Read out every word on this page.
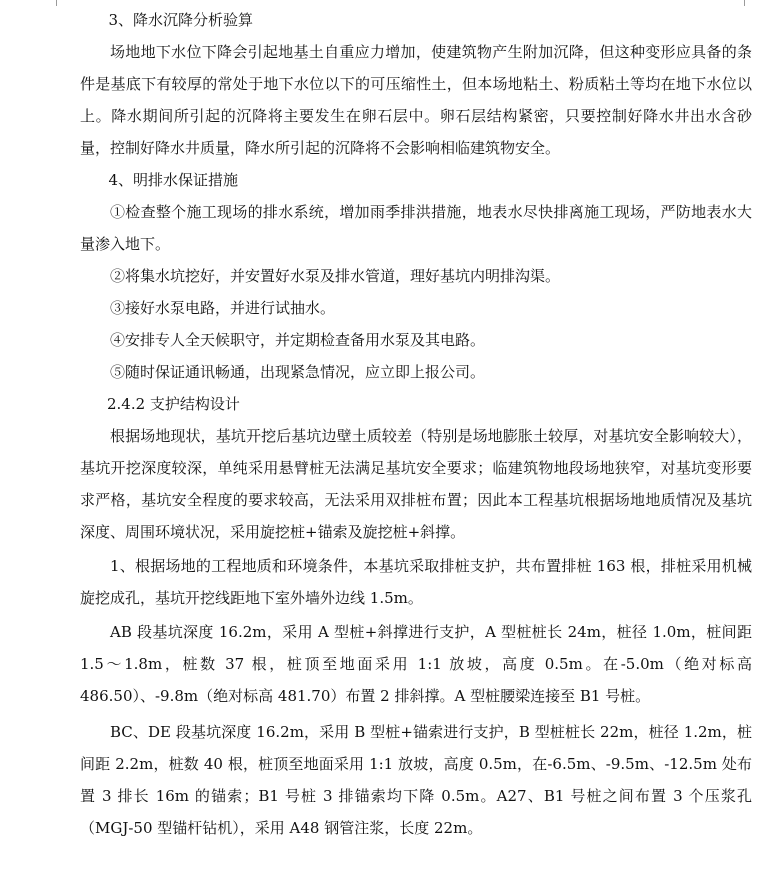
3、降水沉降分析验算

场地地下水位下降会引起地基土自重应力增加，使建筑物产生附加沉降，但这种变形应具备的条件是基底下有较厚的常处于地下水位以下的可压缩性土，但本场地粘土、粉质粘土等均在地下水位以上。降水期间所引起的沉降将主要发生在卵石层中。卵石层结构紧密，只要控制好降水井出水含砂量，控制好降水井质量，降水所引起的沉降将不会影响相临建筑物安全。

4、明排水保证措施

①检查整个施工现场的排水系统，增加雨季排洪措施，地表水尽快排离施工现场，严防地表水大量渗入地下。

②将集水坑挖好，并安置好水泵及排水管道，理好基坑内明排沟渠。

③接好水泵电路，并进行试抽水。

④安排专人全天候职守，并定期检查备用水泵及其电路。

⑤随时保证通讯畅通，出现紧急情况，应立即上报公司。

2.4.2 支护结构设计

根据场地现状，基坑开挖后基坑边壁土质较差（特别是场地膨胀土较厚，对基坑安全影响较大），基坑开挖深度较深，单纯采用悬臂桩无法满足基坑安全要求；临建筑物地段场地狭窄，对基坑变形要求严格，基坑安全程度的要求较高，无法采用双排桩布置；因此本工程基坑根据场地地质情况及基坑深度、周围环境状况，采用旋挖桩+锚索及旋挖桩+斜撑。

1、根据场地的工程地质和环境条件，本基坑采取排桩支护，共布置排桩 163 根，排桩采用机械旋挖成孔，基坑开挖线距地下室外墙外边线 1.5m。

AB 段基坑深度 16.2m，采用 A 型桩+斜撑进行支护，A 型桩桩长 24m，桩径 1.0m，桩间距 1.5～1.8m，桩数 37 根，桩顶至地面采用 1:1 放坡，高度 0.5m。在-5.0m（绝对标高 486.50）、-9.8m（绝对标高 481.70）布置 2 排斜撑。A 型桩腰梁连接至 B1 号桩。

BC、DE 段基坑深度 16.2m，采用 B 型桩+锚索进行支护，B 型桩桩长 22m，桩径 1.2m，桩间距 2.2m，桩数 40 根，桩顶至地面采用 1:1 放坡，高度 0.5m，在-6.5m、-9.5m、-12.5m 处布置 3 排长 16m 的锚索；B1 号桩 3 排锚索均下降 0.5m。A27、B1 号桩之间布置 3 个压浆孔（MGJ-50 型锚杆钻机），采用 A48 钢管注浆，长度 22m。
